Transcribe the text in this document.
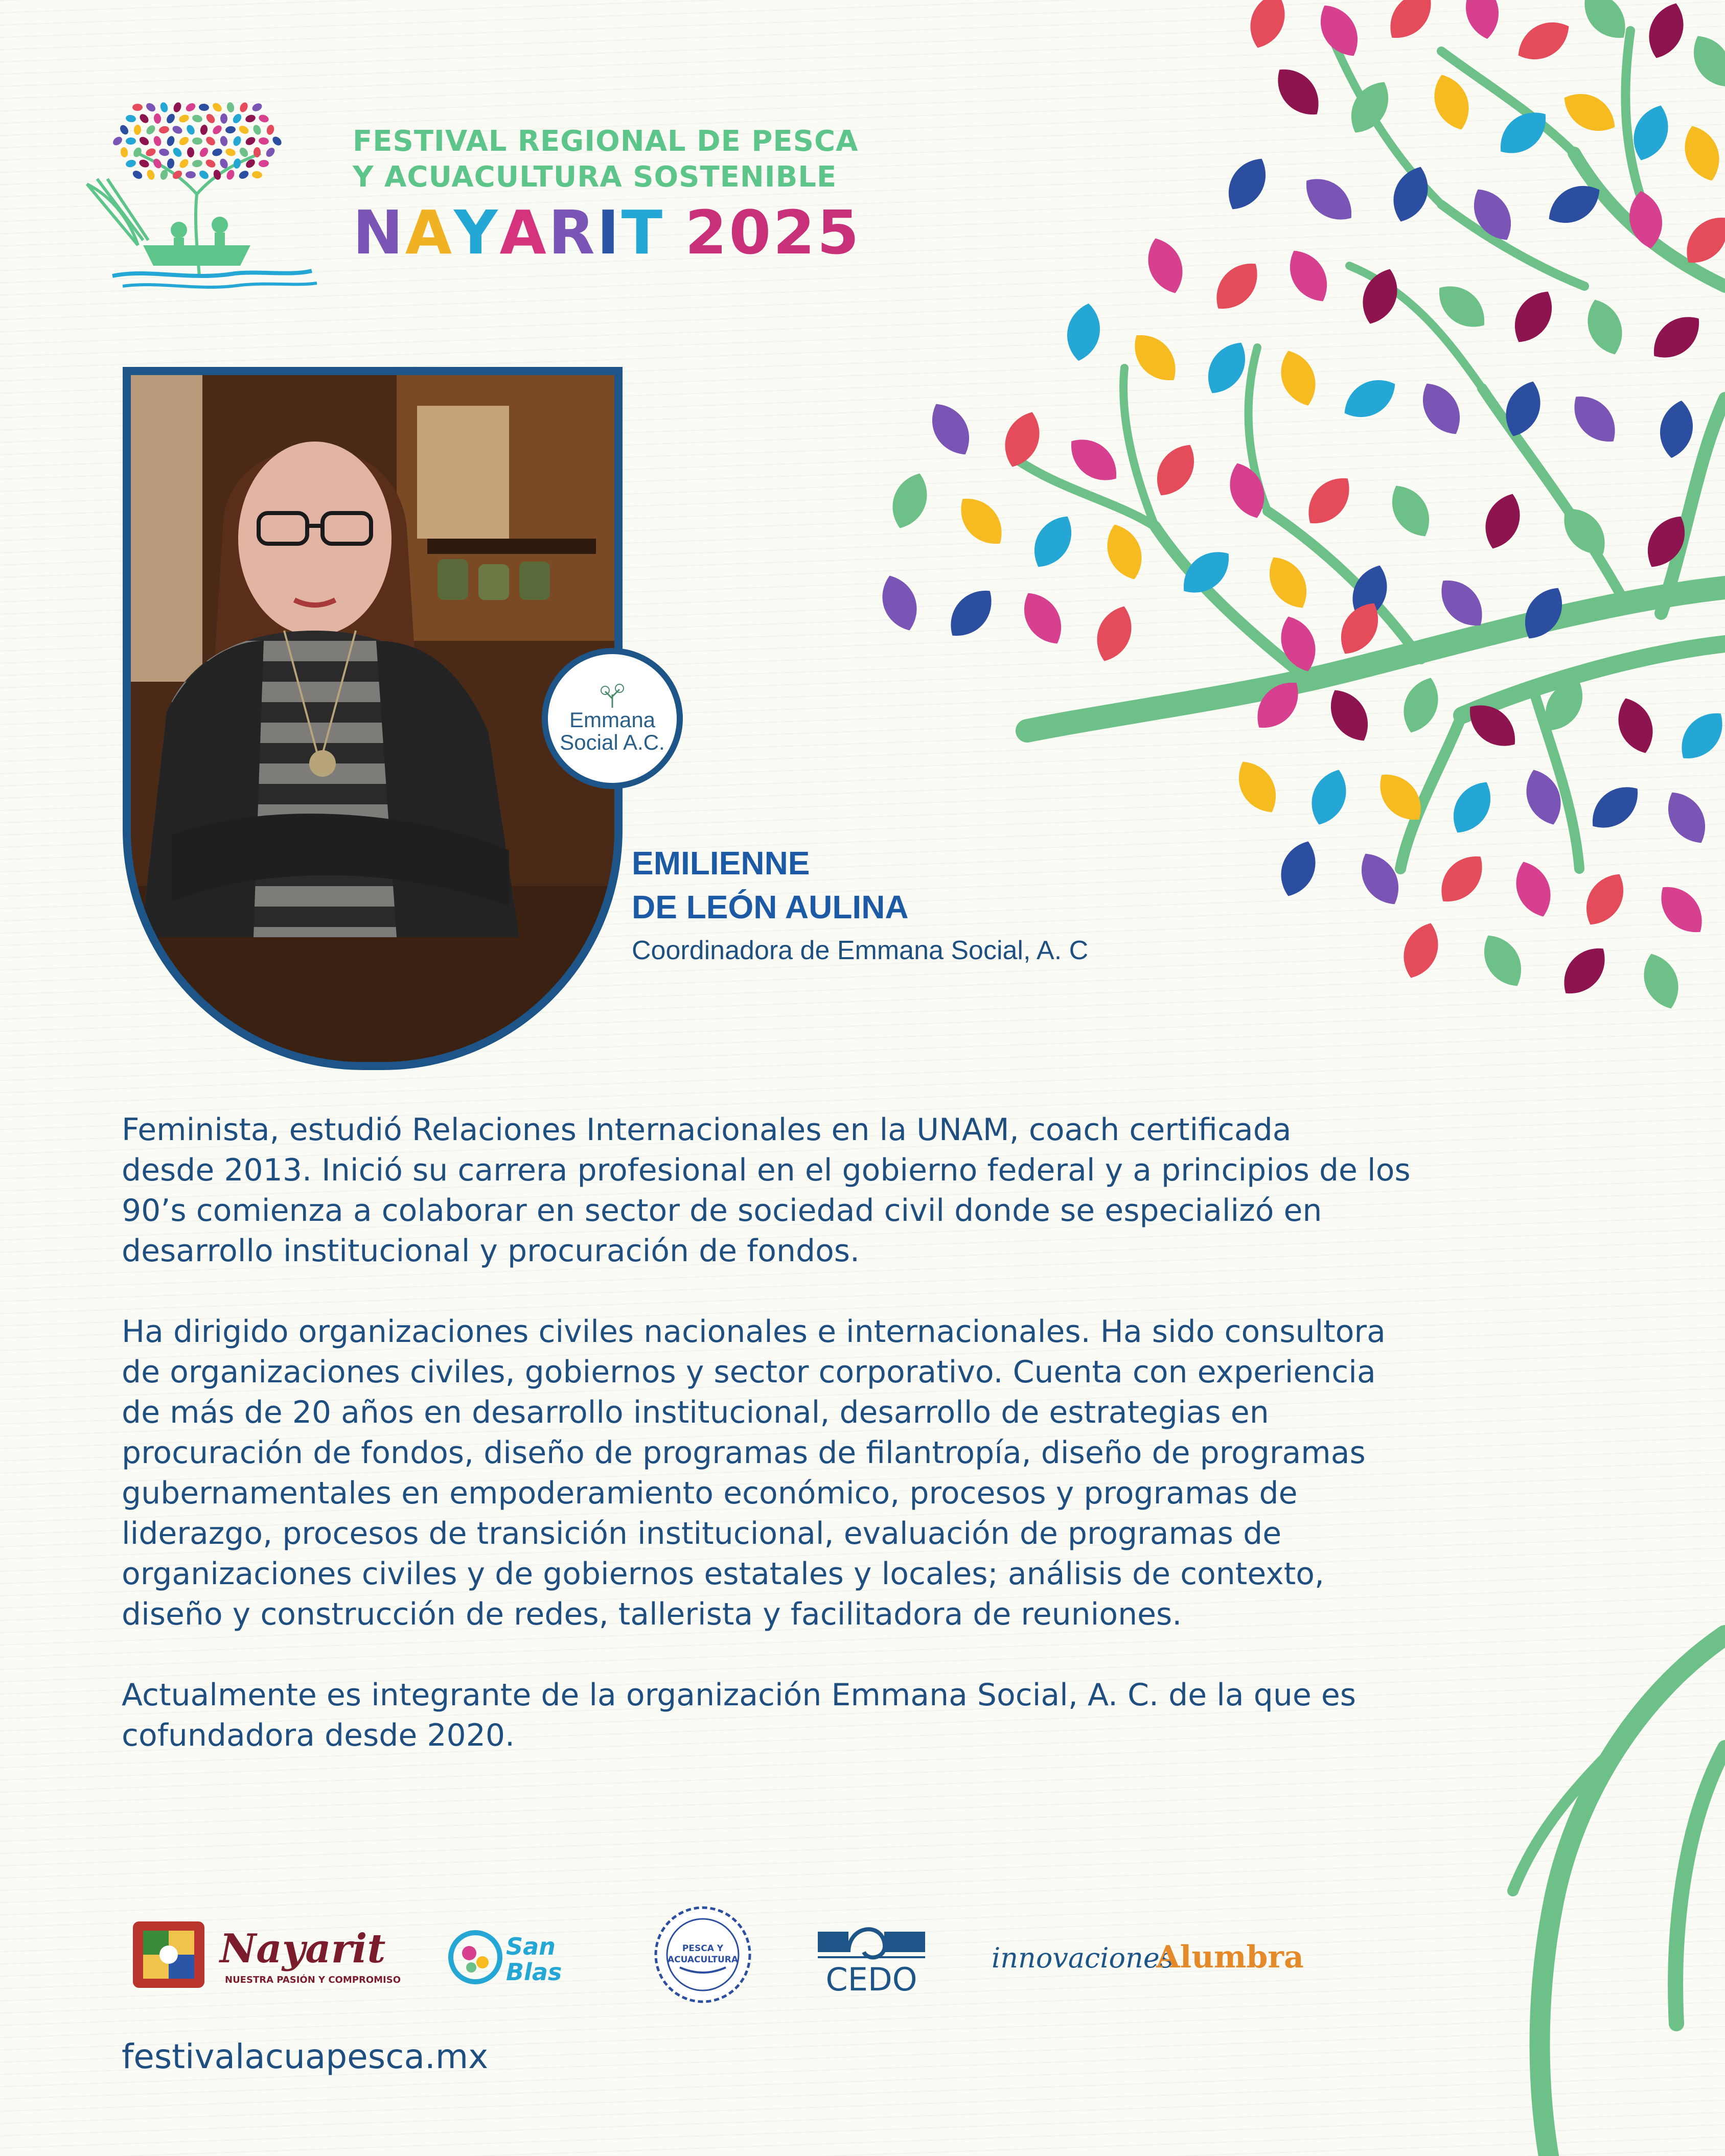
FESTIVAL REGIONAL DE PESCA
Y ACUACULTURA SOSTENIBLE
NAYARIT 2025
Emmana
Social A.C.
EMILIENNE
DE LEÓN AULINA
Coordinadora de Emmana Social, A. C

Feminista, estudió Relaciones Internacionales en la UNAM, coach certificada

desde 2013. Inició su carrera profesional en el gobierno federal y a principios de los

90’s comienza a colaborar en sector de sociedad civil donde se especializó en

desarrollo institucional y procuración de fondos.

Ha dirigido organizaciones civiles nacionales e internacionales. Ha sido consultora

de organizaciones civiles, gobiernos y sector corporativo. Cuenta con experiencia

de más de 20 años en desarrollo institucional, desarrollo de estrategias en

procuración de fondos, diseño de programas de filantropía, diseño de programas

gubernamentales en empoderamiento económico, procesos y programas de

liderazgo, procesos de transición institucional, evaluación de programas de

organizaciones civiles y de gobiernos estatales y locales; análisis de contexto,

diseño y construcción de redes, tallerista y facilitadora de reuniones.

Actualmente es integrante de la organización Emmana Social, A. C. de la que es

cofundadora desde 2020.

Nayarit
NUESTRA PASIÓN Y COMPROMISO
San
Blas
PESCA Y
ACUACULTURA
CEDO
innovaciones
Alumbra
festivalacuapesca.mx
